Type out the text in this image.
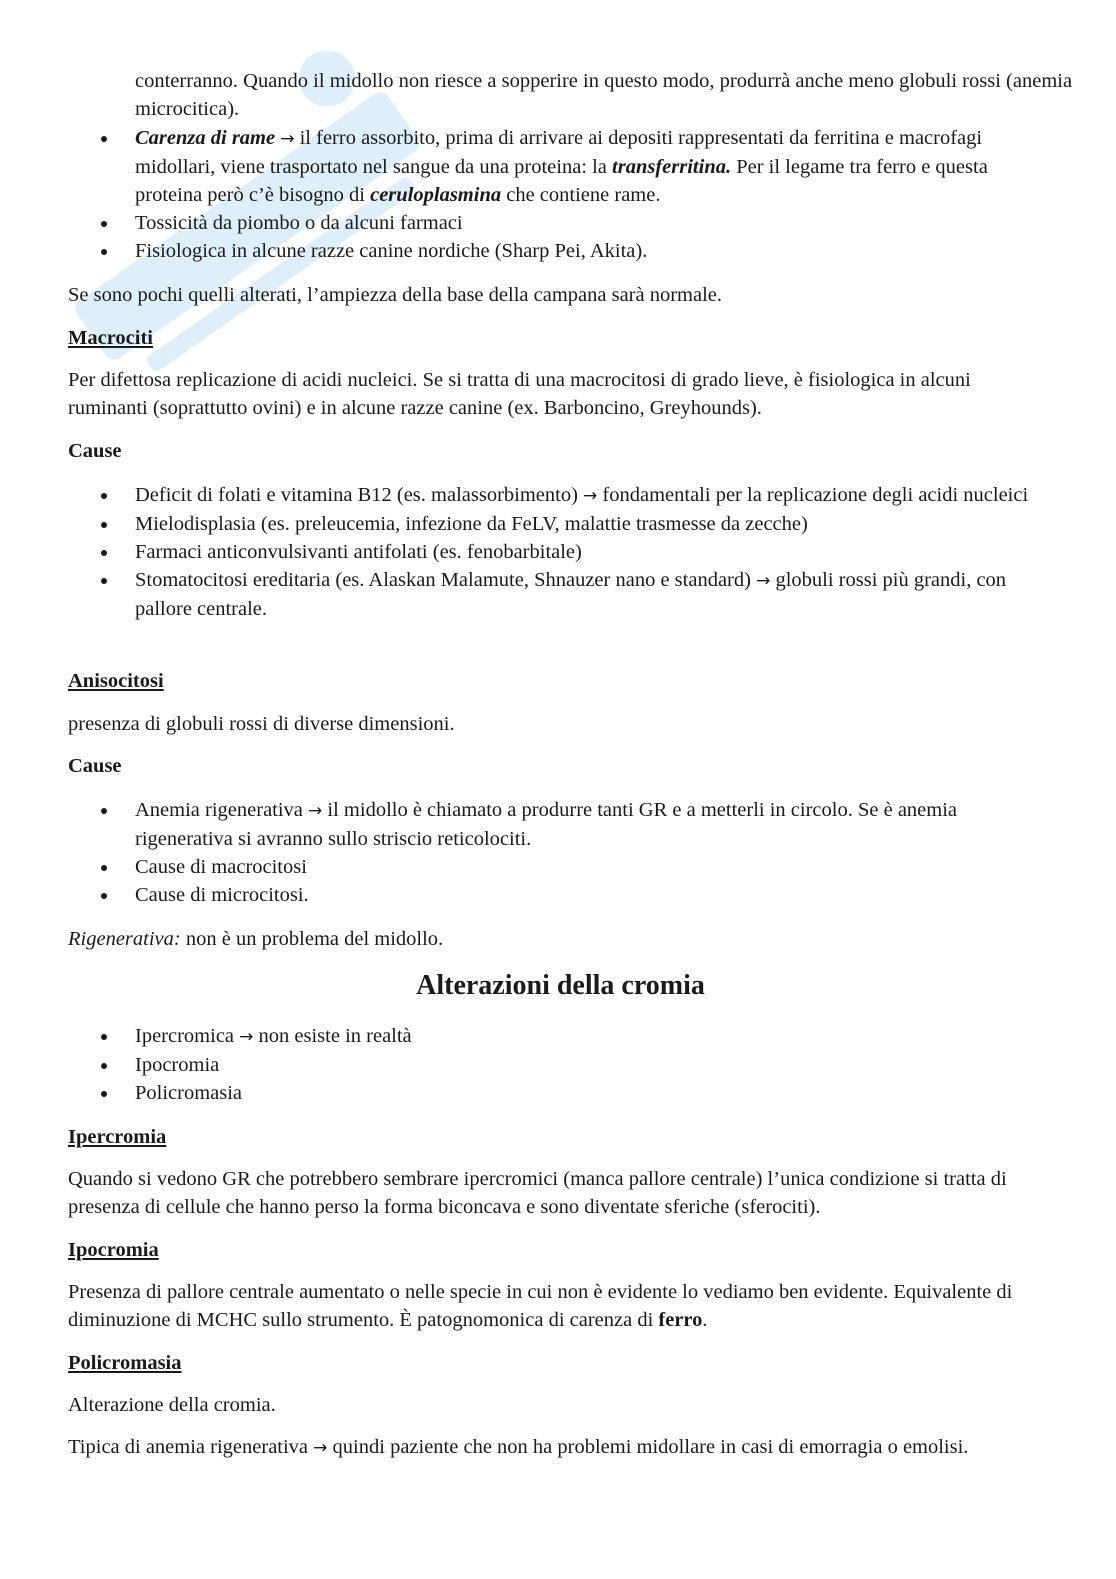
conterranno. Quando il midollo non riesce a sopperire in questo modo, produrrà anche meno globuli rossi (anemia microcitica).
Carenza di rame → il ferro assorbito, prima di arrivare ai depositi rappresentati da ferritina e macrofagi midollari, viene trasportato nel sangue da una proteina: la transferritina. Per il legame tra ferro e questa proteina però c’è bisogno di ceruloplasmina che contiene rame.
Tossicità da piombo o da alcuni farmaci
Fisiologica in alcune razze canine nordiche (Sharp Pei, Akita).
Se sono pochi quelli alterati, l’ampiezza della base della campana sarà normale.
Macrociti
Per difettosa replicazione di acidi nucleici. Se si tratta di una macrocitosi di grado lieve, è fisiologica in alcuni ruminanti (soprattutto ovini) e in alcune razze canine (ex. Barboncino, Greyhounds).
Cause
Deficit di folati e vitamina B12 (es. malassorbimento) → fondamentali per la replicazione degli acidi nucleici
Mielodisplasia (es. preleucemia, infezione da FeLV, malattie trasmesse da zecche)
Farmaci anticonvulsivanti antifolati (es. fenobarbitale)
Stomatocitosi ereditaria (es. Alaskan Malamute, Shnauzer nano e standard) → globuli rossi più grandi, con pallore centrale.
Anisocitosi
presenza di globuli rossi di diverse dimensioni.
Cause
Anemia rigenerativa → il midollo è chiamato a produrre tanti GR e a metterli in circolo. Se è anemia rigenerativa si avranno sullo striscio reticolociti.
Cause di macrocitosi
Cause di microcitosi.
Rigenerativa: non è un problema del midollo.
Alterazioni della cromia
Ipercromica → non esiste in realtà
Ipocromia
Policromasia
Ipercromia
Quando si vedono GR che potrebbero sembrare ipercromici (manca pallore centrale) l’unica condizione si tratta di presenza di cellule che hanno perso la forma biconcava e sono diventate sferiche (sferociti).
Ipocromia
Presenza di pallore centrale aumentato o nelle specie in cui non è evidente lo vediamo ben evidente. Equivalente di diminuzione di MCHC sullo strumento. È patognomonica di carenza di ferro.
Policromasia
Alterazione della cromia.
Tipica di anemia rigenerativa → quindi paziente che non ha problemi midollare in casi di emorragia o emolisi.
